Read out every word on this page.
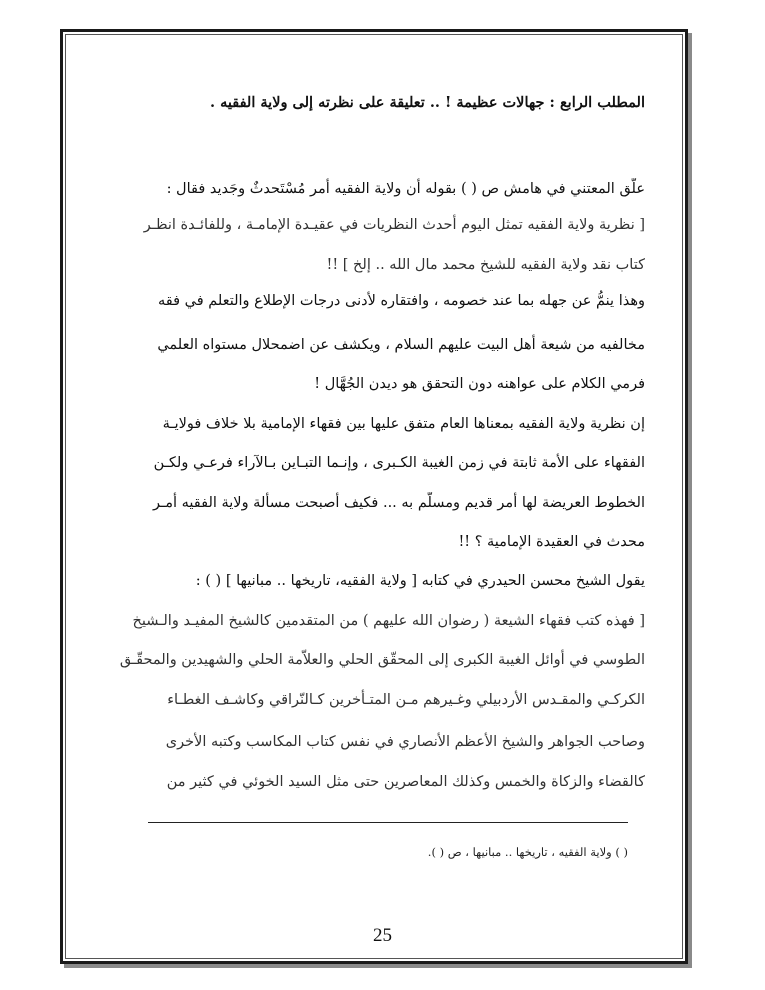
المطلب الرابع : جهالات عظيمة ! .. تعليقة على نظرته إلى ولاية الفقيه .
علّق المعتني في هامش ص ( ) بقوله أن ولاية الفقيه أمر مُسْتَحدثٌ وجَديد فقال :
[ نظرية ولاية الفقيه تمثل اليوم أحدث النظريات في عقيـدة الإمامـة ، وللفائـدة انظـر
كتاب نقد ولاية الفقيه للشيخ محمد مال الله .. إلخ ] !!
وهذا ينمُّ عن جهله بما عند خصومه ، وافتقاره لأدنى درجات الإطلاع والتعلم في فقه
مخالفيه من شيعة أهل البيت عليهم السلام ، ويكشف عن اضمحلال مستواه العلمي
فرمي الكلام على عواهنه دون التحقق هو ديدن الجُهَّال !
إن نظرية ولاية الفقيه بمعناها العام متفق عليها بين فقهاء الإمامية بلا خلاف فولايـة
الفقهاء على الأمة ثابتة في زمن الغيبة الكـبرى ، وإنـما التبـاين بـالآراء فرعـي ولكـن
الخطوط العريضة لها أمر قديم ومسلّم به ... فكيف أصبحت مسألة ولاية الفقيه أمـر
محدث في العقيدة الإمامية ؟ !!
يقول الشيخ محسن الحيدري في كتابه [ ولاية الفقيه، تاريخها .. مبانيها ] ( ) :
[ فهذه كتب فقهاء الشيعة ( رضوان الله عليهم ) من المتقدمين كالشيخ المفيـد والـشيخ
الطوسي في أوائل الغيبة الكبرى إلى المحقّق الحلي والعلاّمة الحلي والشهيدين والمحقّـق
الكركـي والمقـدس الأردبيلي وغـيرهم مـن المتـأخرين كـالنّراقي وكاشـف الغطـاء
وصاحب الجواهر والشيخ الأعظم الأنصاري في نفس كتاب المكاسب وكتبه الأخرى
كالقضاء والزكاة والخمس وكذلك المعاصرين حتى مثل السيد الخوئي في كثير من
( ) ولاية الفقيه ، تاريخها .. مبانيها ، ص ( ).
25
